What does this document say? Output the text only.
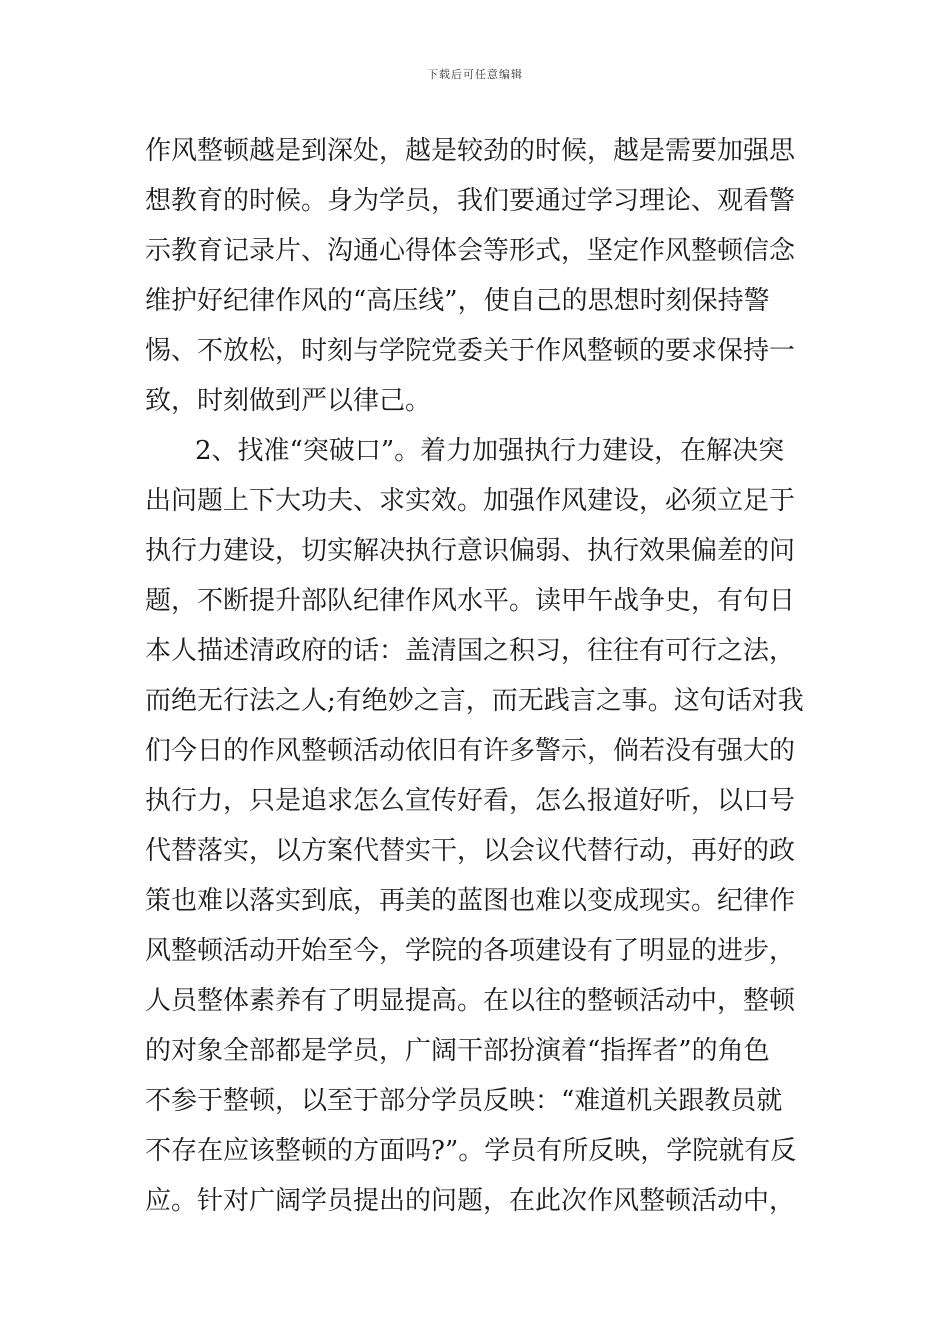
下载后可任意编辑
作风整顿越是到深处，越是较劲的时候，越是需要加强思
想教育的时候。身为学员，我们要通过学习理论、观看警
示教育记录片、沟通心得体会等形式，坚定作风整顿信念
维护好纪律作风的“高压线”，使自己的思想时刻保持警
惕、不放松，时刻与学院党委关于作风整顿的要求保持一
致，时刻做到严以律己。
2、找准“突破口”。着力加强执行力建设，在解决突
出问题上下大功夫、求实效。加强作风建设，必须立足于
执行力建设，切实解决执行意识偏弱、执行效果偏差的问
题，不断提升部队纪律作风水平。读甲午战争史，有句日
本人描述清政府的话：盖清国之积习，往往有可行之法，
而绝无行法之人;有绝妙之言，而无践言之事。这句话对我
们今日的作风整顿活动依旧有许多警示，倘若没有强大的
执行力，只是追求怎么宣传好看，怎么报道好听，以口号
代替落实，以方案代替实干，以会议代替行动，再好的政
策也难以落实到底，再美的蓝图也难以变成现实。纪律作
风整顿活动开始至今，学院的各项建设有了明显的进步，
人员整体素养有了明显提高。在以往的整顿活动中，整顿
的对象全部都是学员，广阔干部扮演着“指挥者”的角色
不参于整顿，以至于部分学员反映：“难道机关跟教员就
不存在应该整顿的方面吗?”。学员有所反映，学院就有反
应。针对广阔学员提出的问题，在此次作风整顿活动中，
